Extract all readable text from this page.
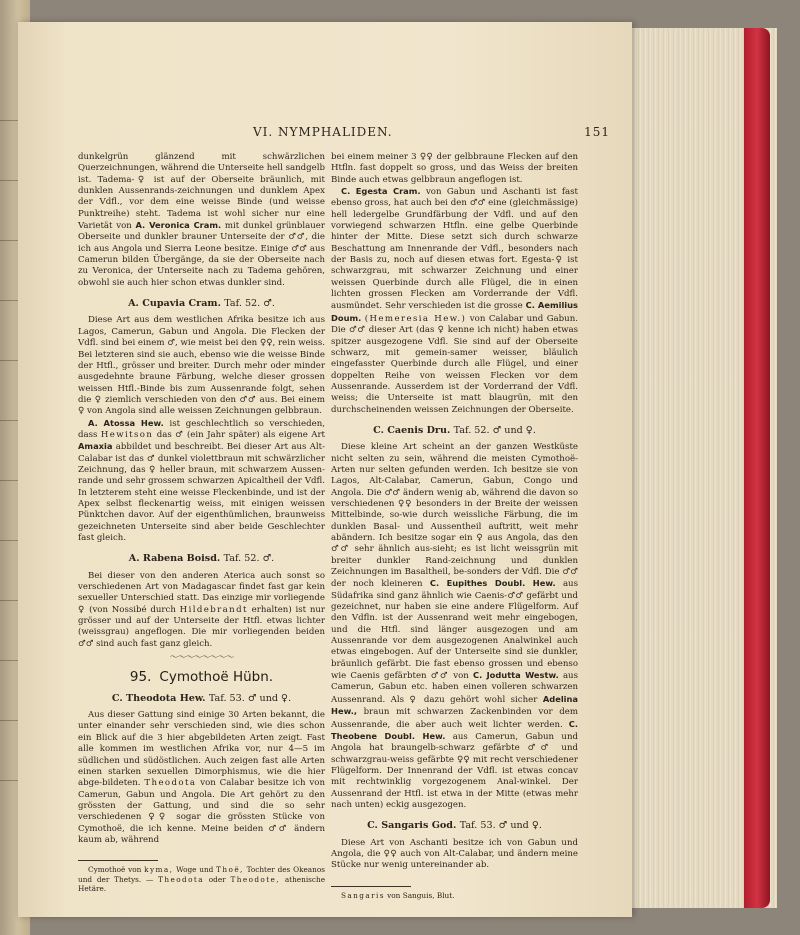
VI. NYMPHALIDEN.	151

dunkelgrün glänzend mit schwärzlichen Querzeichnungen, während die Unterseite hell sandgelb ist. Tadema-♀ ist auf der Oberseite bräunlich, mit dunklen Aussenrands-zeichnungen und dunklem Apex der Vdfl., vor dem eine weisse Binde (und weisse Punktreihe) steht. Tadema ist wohl sicher nur eine Varietät von A. Veronica Cram. mit dunkel grünblauer Oberseite und dunkler brauner Unterseite der ♂♂, die ich aus Angola und Sierra Leone besitze. Einige ♂♂ aus Camerun bilden Übergänge, da sie der Oberseite nach zu Veronica, der Unterseite nach zu Tadema gehören, obwohl sie auch hier schon etwas dunkler sind.

A. Cupavia Cram. Taf. 52. ♂.

Diese Art aus dem westlichen Afrika besitze ich aus Lagos, Camerun, Gabun und Angola. Die Flecken der Vdfl. sind bei einem ♂, wie meist bei den ♀♀, rein weiss. Bei letzteren sind sie auch, ebenso wie die weisse Binde der Htfl., grösser und breiter. Durch mehr oder minder ausgedehnte braune Färbung, welche dieser grossen weissen Htfl.-Binde bis zum Aussenrande folgt, sehen die ♀ ziemlich verschieden von den ♂♂ aus. Bei einem ♀ von Angola sind alle weissen Zeichnungen gelbbraun.

A. Atossa Hew. ist geschlechtlich so verschieden, dass Hewitson das ♂ (ein Jahr später) als eigene Art Amaxia abbildet und beschreibt. Bei dieser Art aus Alt-Calabar ist das ♂ dunkel violettbraun mit schwärzlicher Zeichnung, das ♀ heller braun, mit schwarzem Aussen-rande und sehr grossem schwarzen Apicaltheil der Vdfl. In letzterem steht eine weisse Fleckenbinde, und ist der Apex selbst fleckenartig weiss, mit einigen weissen Pünktchen davor. Auf der eigenthümlichen, braunweiss gezeichneten Unterseite sind aber beide Geschlechter fast gleich.

A. Rabena Boisd. Taf. 52. ♂.

Bei dieser von den anderen Aterica auch sonst so verschiedenen Art von Madagascar findet fast gar kein sexueller Unterschied statt. Das einzige mir vorliegende ♀ (von Nossibé durch Hildebrandt erhalten) ist nur grösser und auf der Unterseite der Htfl. etwas lichter (weissgrau) angeflogen. Die mir vorliegenden beiden ♂♂ sind auch fast ganz gleich.

〜〜〜〜〜〜〜〜
95. Cymothoë Hübn.
C. Theodota Hew. Taf. 53. ♂ und ♀.

Aus dieser Gattung sind einige 30 Arten bekannt, die unter einander sehr verschieden sind, wie dies schon ein Blick auf die 3 hier abgebildeten Arten zeigt. Fast alle kommen im westlichen Afrika vor, nur 4—5 im südlichen und südöstlichen. Auch zeigen fast alle Arten einen starken sexuellen Dimorphismus, wie die hier abge-bildeten. Theodota von Calabar besitze ich von Camerun, Gabun und Angola. Die Art gehört zu den grössten der Gattung, und sind die so sehr verschiedenen ♀♀ sogar die grössten Stücke von Cymothoë, die ich kenne. Meine beiden ♂♂ ändern kaum ab, während

Cymothoë von kyma, Woge und Thoë, Tochter des Okeanos und der Thetys. — Theodota oder Theodote, athenische Hetäre.

bei einem meiner 3 ♀♀ der gelbbraune Flecken auf den Htfln. fast doppelt so gross, und das Weiss der breiten Binde auch etwas gelbbraun angeflogen ist.

C. Egesta Cram. von Gabun und Aschanti ist fast ebenso gross, hat auch bei den ♂♂ eine (gleichmässige) hell ledergelbe Grundfärbung der Vdfl. und auf den vorwiegend schwarzen Htfln. eine gelbe Querbinde hinter der Mitte. Diese setzt sich durch schwarze Beschattung am Innenrande der Vdfl., besonders nach der Basis zu, noch auf diesen etwas fort. Egesta-♀ ist schwarzgrau, mit schwarzer Zeichnung und einer weissen Querbinde durch alle Flügel, die in einen lichten grossen Flecken am Vorderrande der Vdfl. ausmündet. Sehr verschieden ist die grosse C. Aemilius Doum. (Hemeresia Hew.) von Calabar und Gabun. Die ♂♂ dieser Art (das ♀ kenne ich nicht) haben etwas spitzer ausgezogene Vdfl. Sie sind auf der Oberseite schwarz, mit gemein-samer weisser, bläulich eingefasster Querbinde durch alle Flügel, und einer doppelten Reihe von weissen Flecken vor dem Aussenrande. Ausserdem ist der Vorderrand der Vdfl. weiss; die Unterseite ist matt blaugrün, mit den durchscheinenden weissen Zeichnungen der Oberseite.

C. Caenis Dru. Taf. 52. ♂ und ♀.

Diese kleine Art scheint an der ganzen Westküste nicht selten zu sein, während die meisten Cymothoë-Arten nur selten gefunden werden. Ich besitze sie von Lagos, Alt-Calabar, Camerun, Gabun, Congo und Angola. Die ♂♂ ändern wenig ab, während die davon so verschiedenen ♀♀ besonders in der Breite der weissen Mittelbinde, so-wie durch weissliche Färbung, die im dunklen Basal- und Aussentheil auftritt, weit mehr abändern. Ich besitze sogar ein ♀ aus Angola, das den ♂♂ sehr ähnlich aus-sieht; es ist licht weissgrün mit breiter dunkler Rand-zeichnung und dunklen Zeichnungen im Basaltheil, be-sonders der Vdfl. Die ♂♂ der noch kleineren C. Eupithes Doubl. Hew. aus Südafrika sind ganz ähnlich wie Caenis-♂♂ gefärbt und gezeichnet, nur haben sie eine andere Flügelform. Auf den Vdfln. ist der Aussenrand weit mehr eingebogen, und die Htfl. sind länger ausgezogen und am Aussenrande vor dem ausgezogenen Analwinkel auch etwas eingebogen. Auf der Unterseite sind sie dunkler, bräunlich gefärbt. Die fast ebenso grossen und ebenso wie Caenis gefärbten ♂♂ von C. Jodutta Westw. aus Camerun, Gabun etc. haben einen volleren schwarzen Aussenrand. Als ♀ dazu gehört wohl sicher Adelina Hew., braun mit schwarzen Zackenbinden vor dem Aussenrande, die aber auch weit lichter werden. C. Theobene Doubl. Hew. aus Camerun, Gabun und Angola hat braungelb-schwarz gefärbte ♂♂ und schwarzgrau-weiss gefärbte ♀♀ mit recht verschiedener Flügelform. Der Innenrand der Vdfl. ist etwas concav mit rechtwinklig vorgezogenem Anal-winkel. Der Aussenrand der Htfl. ist etwa in der Mitte (etwas mehr nach unten) eckig ausgezogen.

C. Sangaris God. Taf. 53. ♂ und ♀.

Diese Art von Aschanti besitze ich von Gabun und Angola, die ♀♀ auch von Alt-Calabar, und ändern meine Stücke nur wenig untereinander ab.

Sangaris von Sanguis, Blut.
